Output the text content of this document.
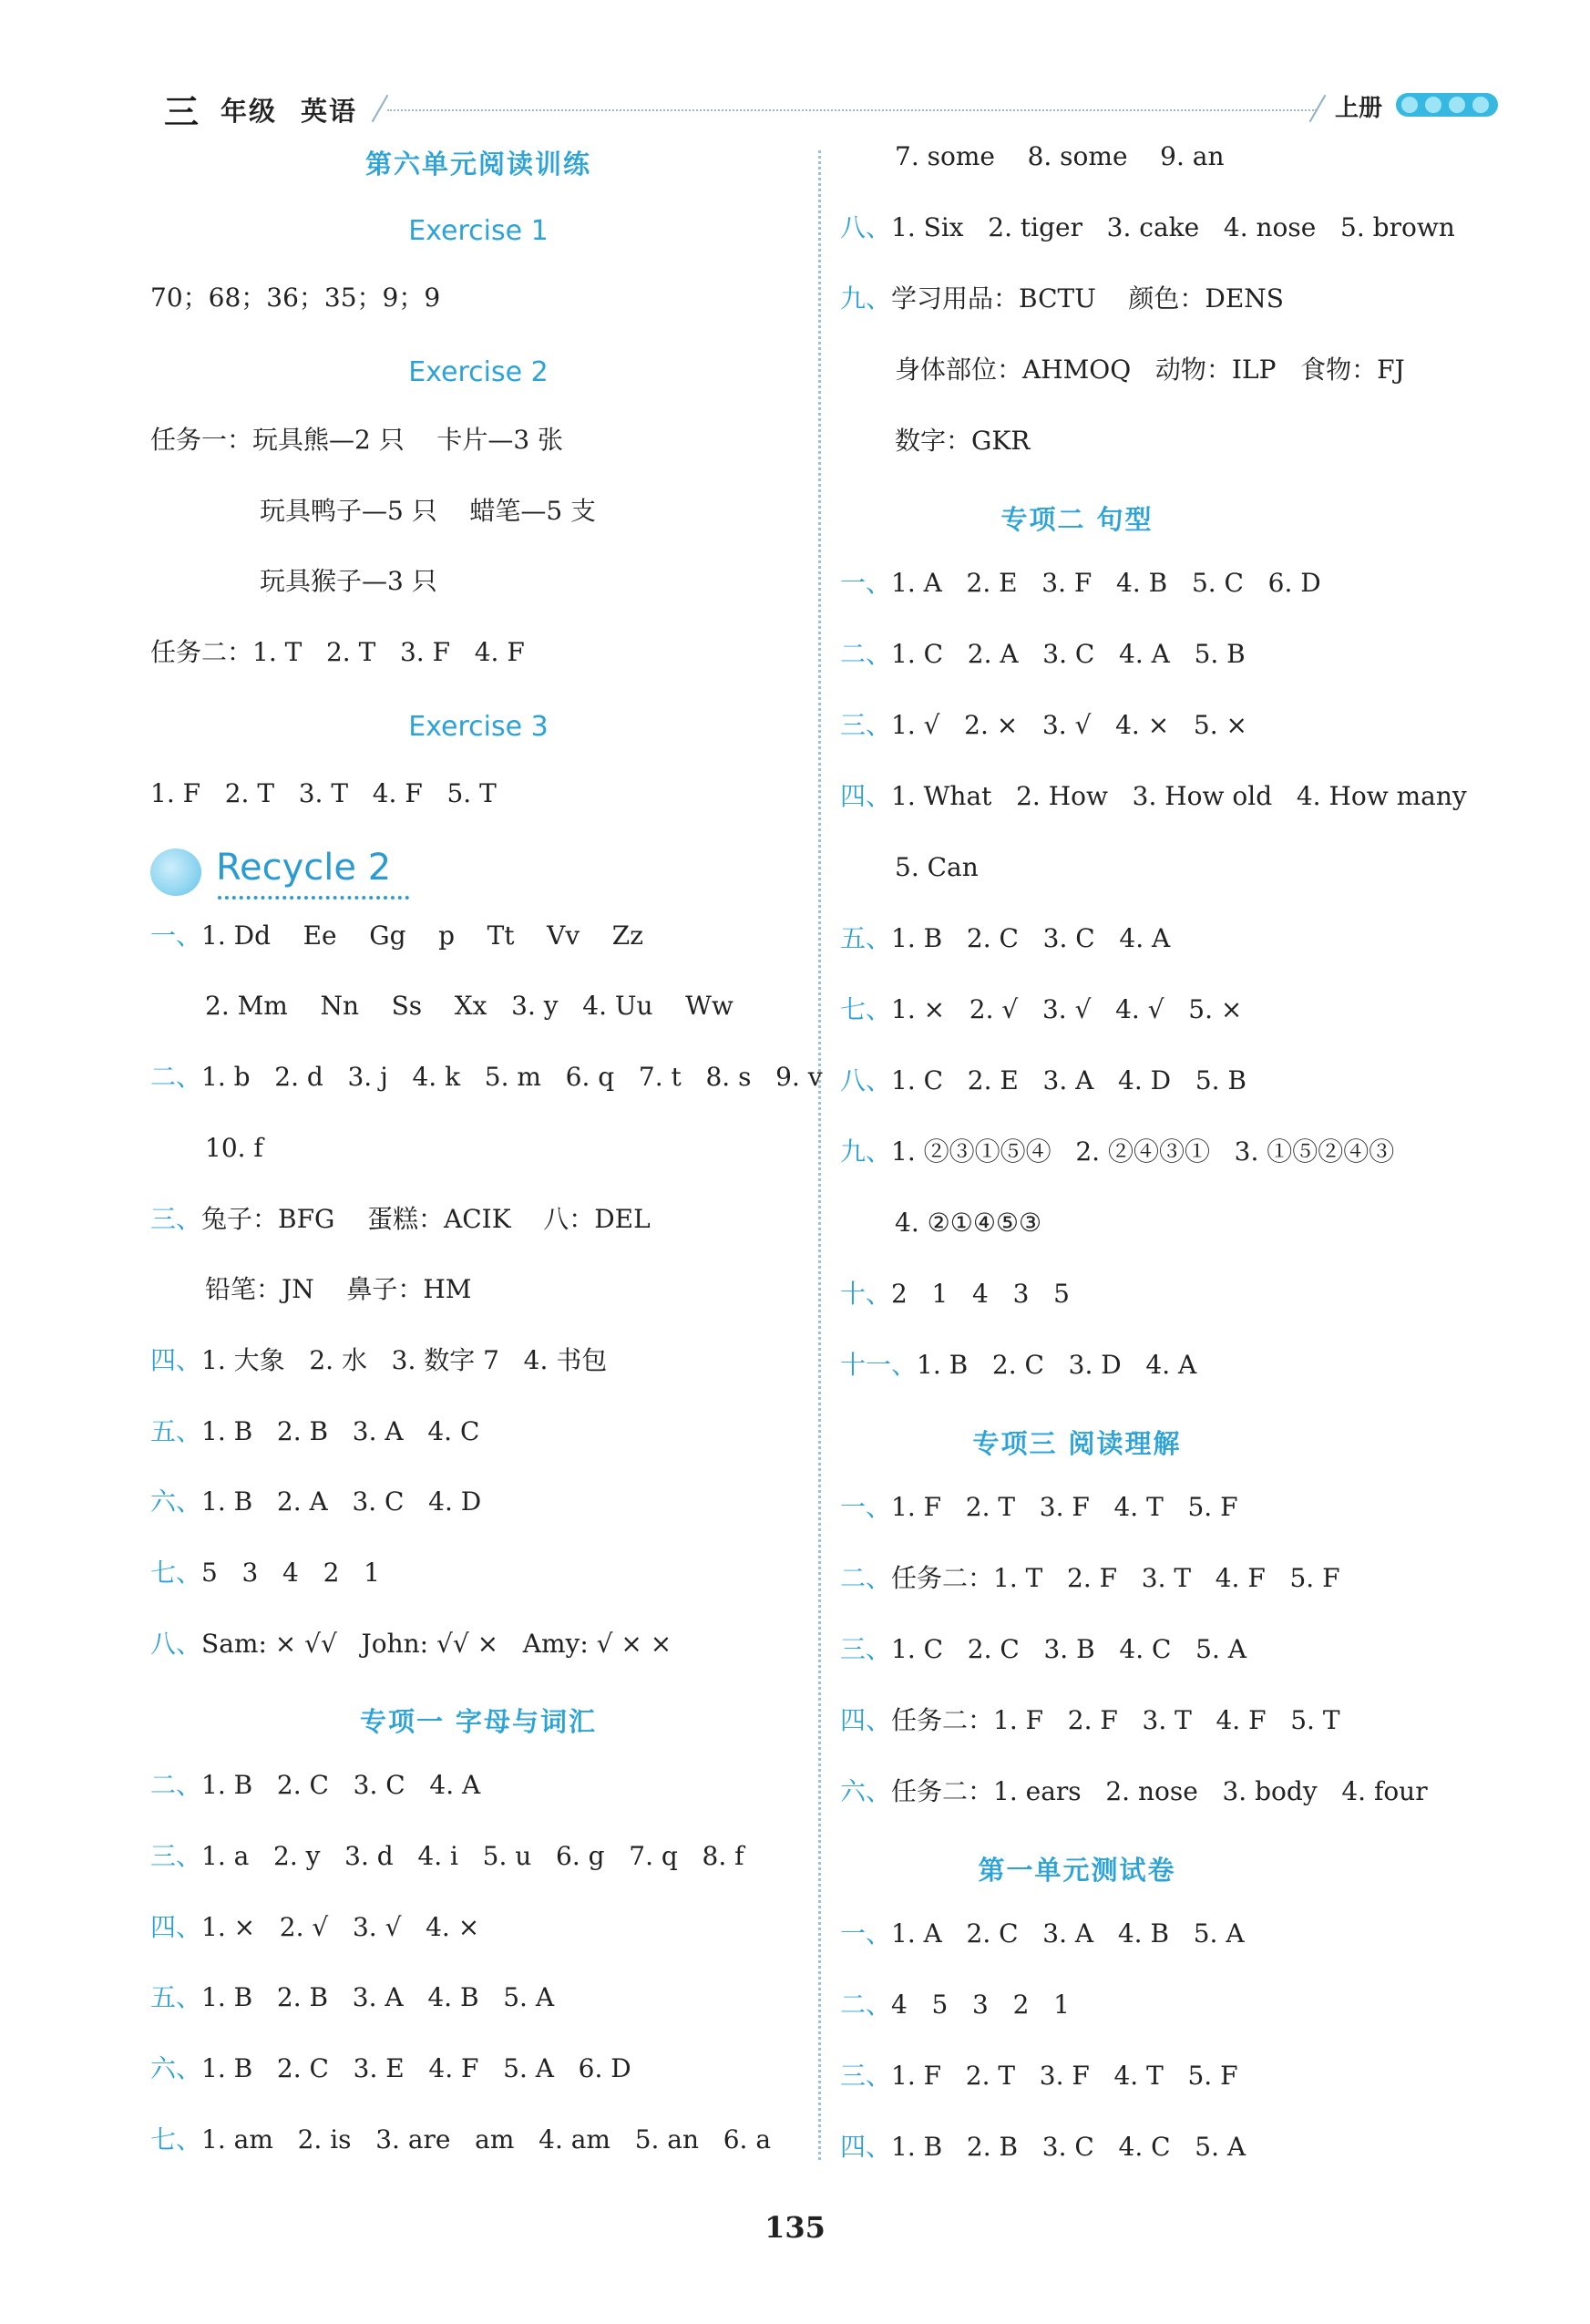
三 年级 英语	上册
第六单元阅读训练
Exercise 1
70；68；36；35；9；9
Exercise 2
任务一：玩具熊—2 只    卡片—3 张
玩具鸭子—5 只    蜡笔—5 支
玩具猴子—3 只
任务二：1. T   2. T   3. F   4. F
Exercise 3
1. F   2. T   3. T   4. F   5. T
Recycle 2
一、1. Dd    Ee    Gg    p    Tt    Vv    Zz
2. Mm    Nn    Ss    Xx   3. y   4. Uu    Ww
二、1. b   2. d   3. j   4. k   5. m   6. q   7. t   8. s   9. v
10. f
三、兔子：BFG    蛋糕：ACIK    八：DEL
铅笔：JN    鼻子：HM
四、1. 大象   2. 水   3. 数字 7   4. 书包
五、1. B   2. B   3. A   4. C
六、1. B   2. A   3. C   4. D
七、5   3   4   2   1
八、Sam: × √√   John: √√ ×   Amy: √ × ×
专项一 字母与词汇
二、1. B   2. C   3. C   4. A
三、1. a   2. y   3. d   4. i   5. u   6. g   7. q   8. f
四、1. ×   2. √   3. √   4. ×
五、1. B   2. B   3. A   4. B   5. A
六、1. B   2. C   3. E   4. F   5. A   6. D
七、1. am   2. is   3. are   am   4. am   5. an   6. a
7. some    8. some    9. an
八、1. Six   2. tiger   3. cake   4. nose   5. brown
九、学习用品：BCTU    颜色：DENS
身体部位：AHMOQ   动物：ILP   食物：FJ
数字：GKR
专项二 句型
一、1. A   2. E   3. F   4. B   5. C   6. D
二、1. C   2. A   3. C   4. A   5. B
三、1. √   2. ×   3. √   4. ×   5. ×
四、1. What   2. How   3. How old   4. How many
5. Can
五、1. B   2. C   3. C   4. A
七、1. ×   2. √   3. √   4. √   5. ×
八、1. C   2. E   3. A   4. D   5. B
九、1. ②③①⑤④   2. ②④③①   3. ①⑤②④③
4. ②①④⑤③
十、2   1   4   3   5
十一、1. B   2. C   3. D   4. A
专项三 阅读理解
一、1. F   2. T   3. F   4. T   5. F
二、任务二：1. T   2. F   3. T   4. F   5. F
三、1. C   2. C   3. B   4. C   5. A
四、任务二：1. F   2. F   3. T   4. F   5. T
六、任务二：1. ears   2. nose   3. body   4. four
第一单元测试卷
一、1. A   2. C   3. A   4. B   5. A
二、4   5   3   2   1
三、1. F   2. T   3. F   4. T   5. F
四、1. B   2. B   3. C   4. C   5. A
135
